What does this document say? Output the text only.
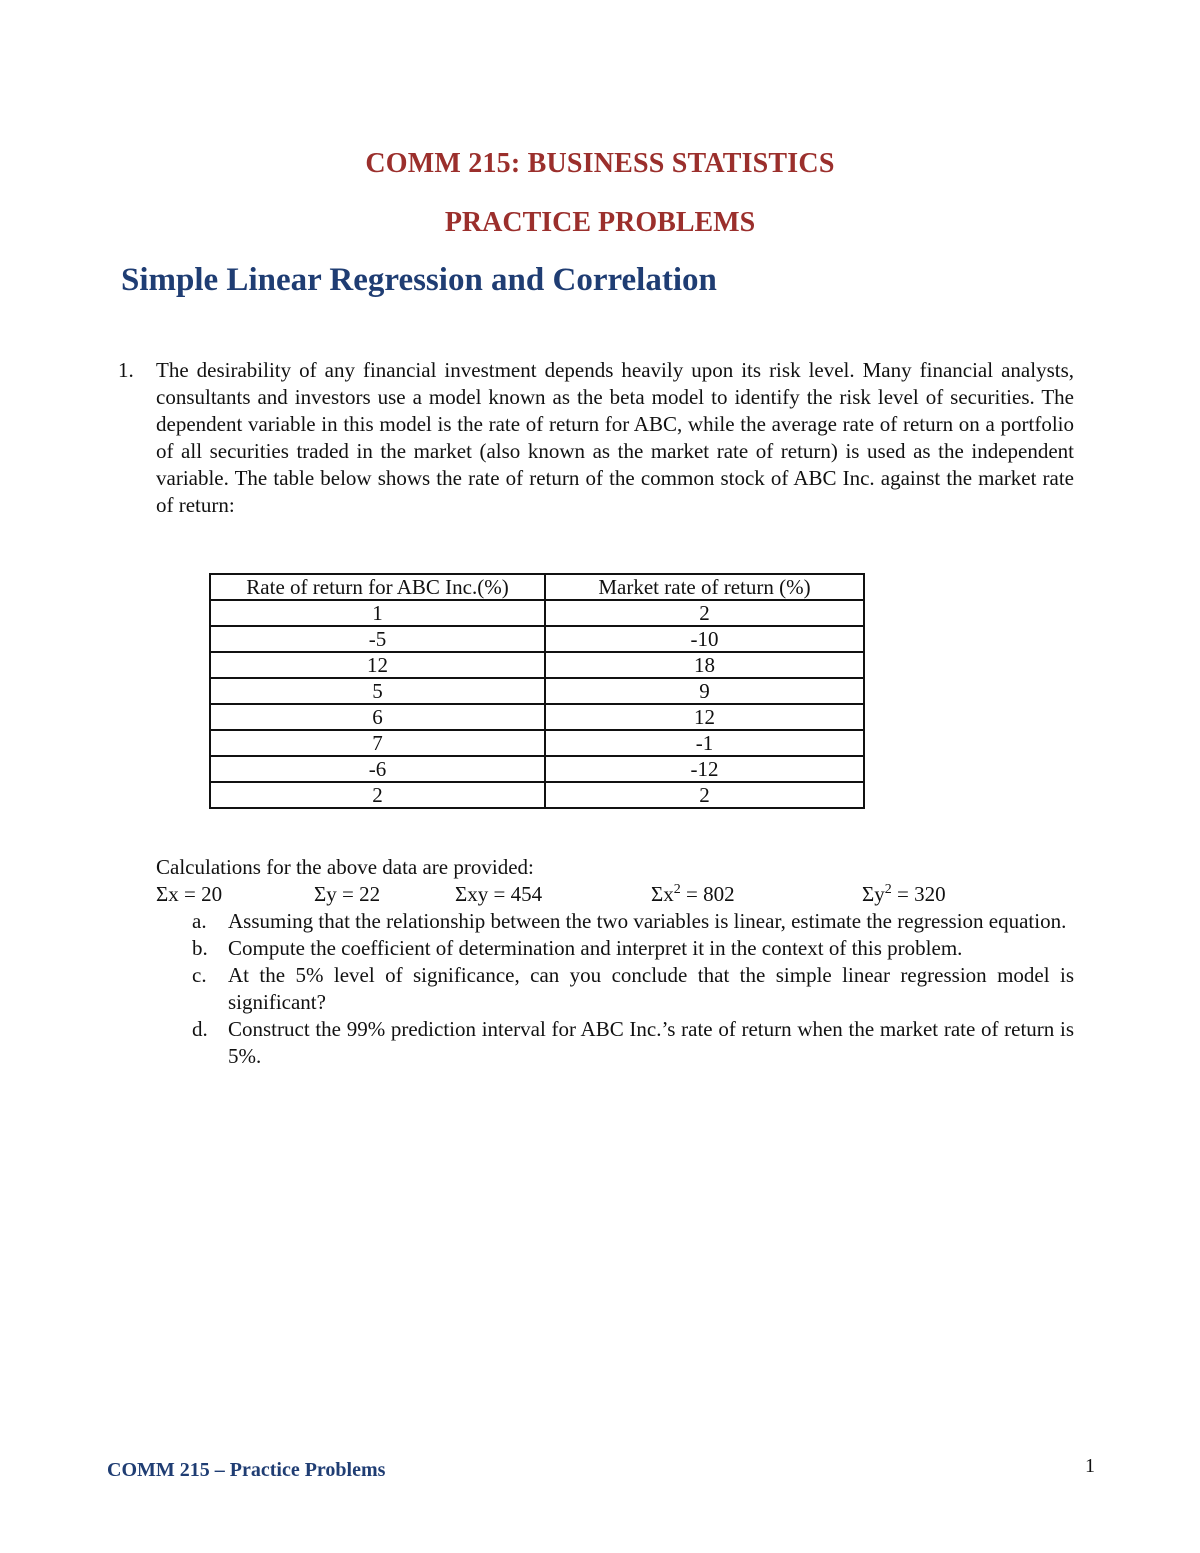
COMM 215: BUSINESS STATISTICS
PRACTICE PROBLEMS
Simple Linear Regression and Correlation
1. The desirability of any financial investment depends heavily upon its risk level. Many financial analysts, consultants and investors use a model known as the beta model to identify the risk level of securities. The dependent variable in this model is the rate of return for ABC, while the average rate of return on a portfolio of all securities traded in the market (also known as the market rate of return) is used as the independent variable. The table below shows the rate of return of the common stock of ABC Inc. against the market rate of return:
Rate of return for ABC Inc.(%)	Market rate of return (%)
1	2
-5	-10
12	18
5	9
6	12
7	-1
-6	-12
2	2
Calculations for the above data are provided:
Σx = 20	Σy = 22	Σxy = 454	$\Sigma x^2 = 802$	$\Sigma y^2 = 320$
a. Assuming that the relationship between the two variables is linear, estimate the regression equation.
b. Compute the coefficient of determination and interpret it in the context of this problem.
c. At the 5% level of significance, can you conclude that the simple linear regression model is significant?
d. Construct the 99% prediction interval for ABC Inc.’s rate of return when the market rate of return is 5%.
COMM 215 – Practice Problems	1
